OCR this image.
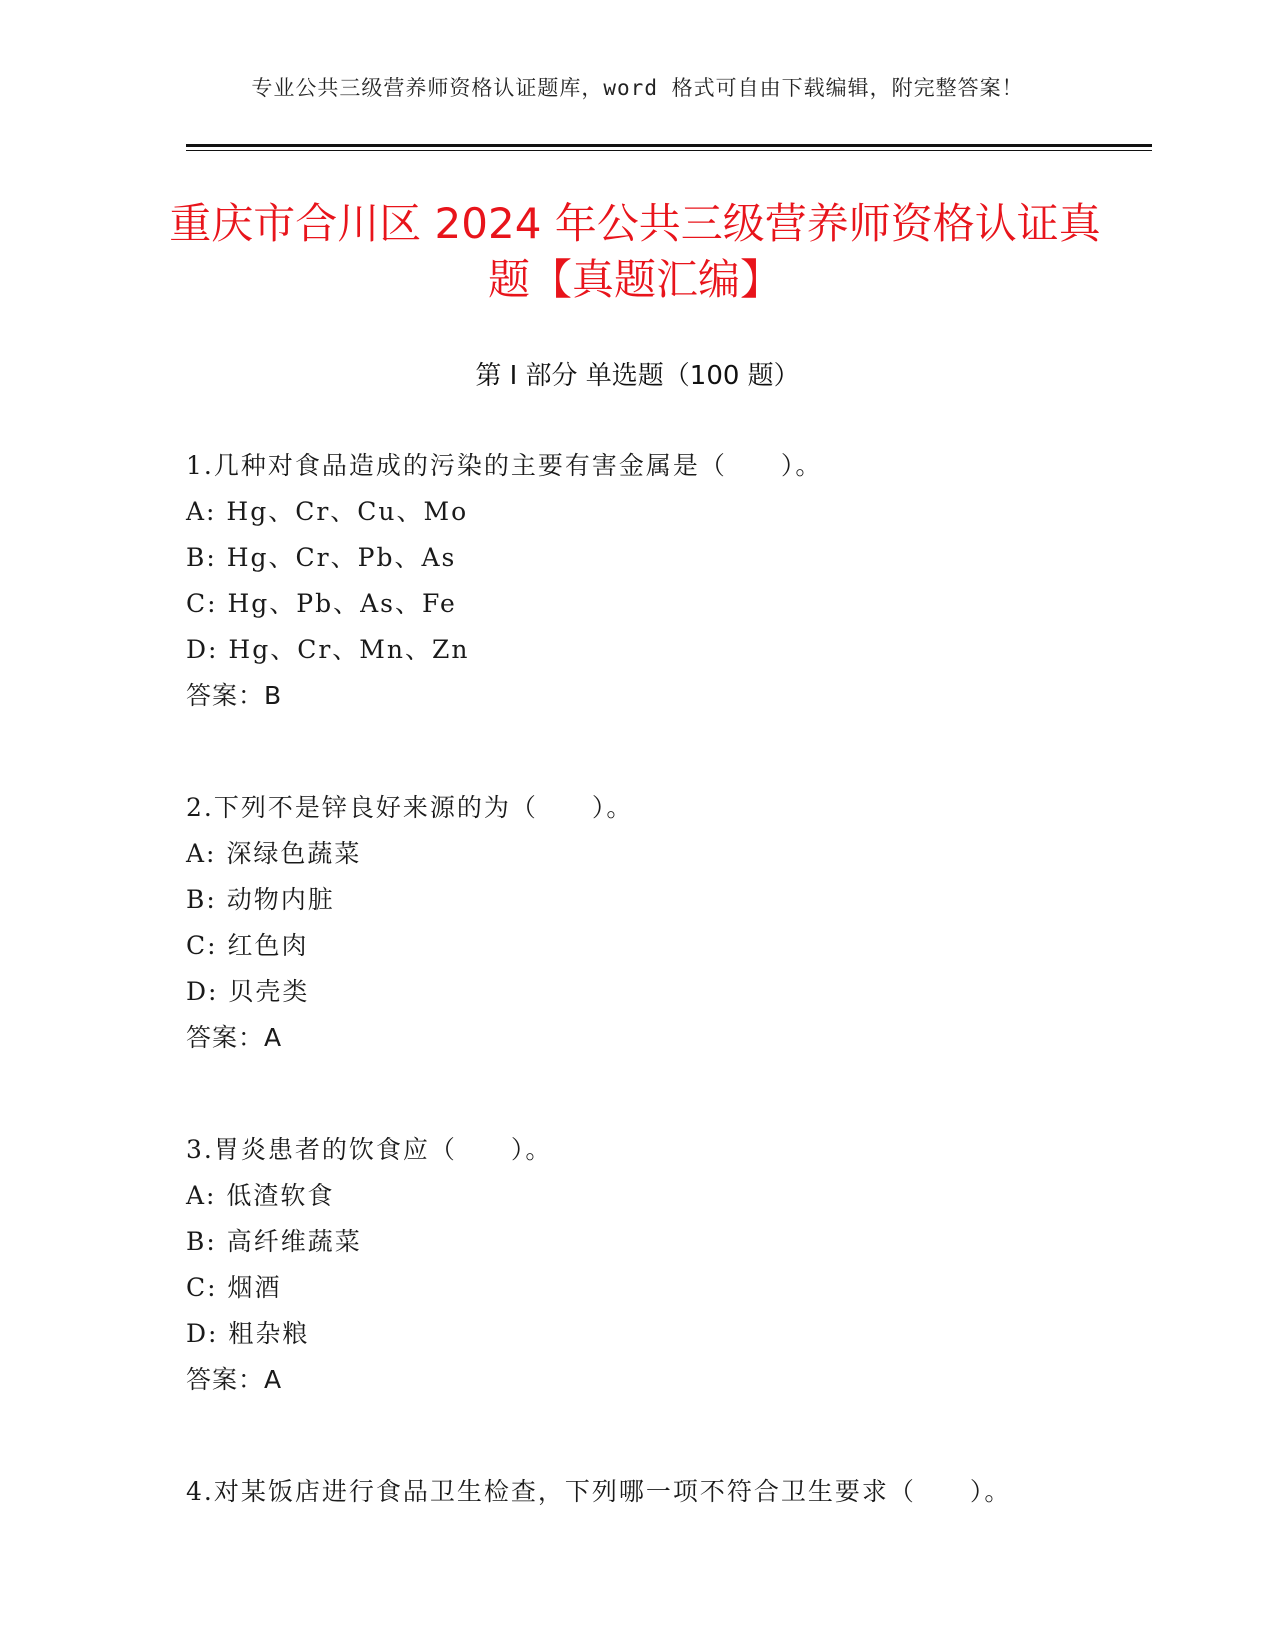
专业公共三级营养师资格认证题库，word 格式可自由下载编辑，附完整答案！
重庆市合川区 2024 年公共三级营养师资格认证真题【真题汇编】
第 I 部分 单选题（100 题）
1.几种对食品造成的污染的主要有害金属是（　　）。
A: Hg、Cr、Cu、Mo
B: Hg、Cr、Pb、As
C: Hg、Pb、As、Fe
D: Hg、Cr、Mn、Zn
答案：B
2.下列不是锌良好来源的为（　　）。
A: 深绿色蔬菜
B: 动物内脏
C: 红色肉
D: 贝壳类
答案：A
3.胃炎患者的饮食应（　　）。
A: 低渣软食
B: 高纤维蔬菜
C: 烟酒
D: 粗杂粮
答案：A
4.对某饭店进行食品卫生检查，下列哪一项不符合卫生要求（　　）。
